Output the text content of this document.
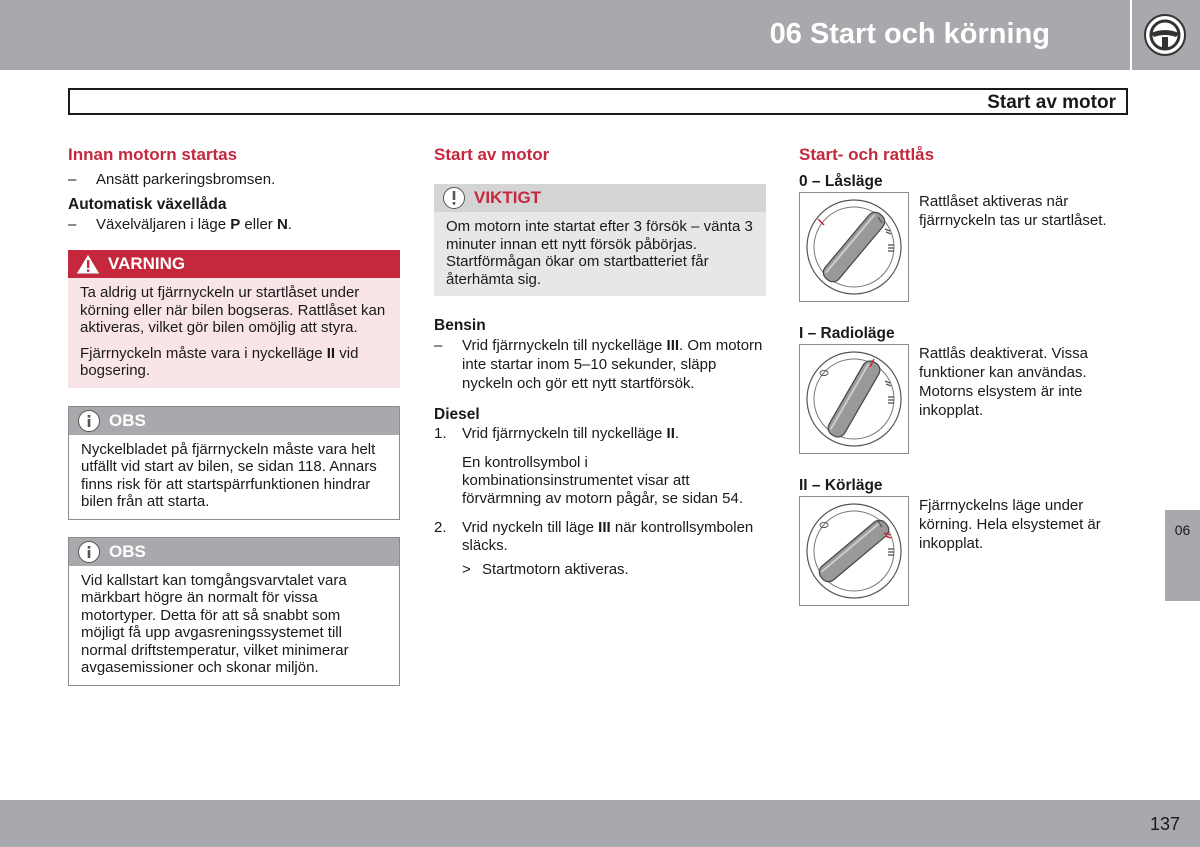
06 Start och körning
Start av motor
Innan motorn startas
–	Ansätt parkeringsbromsen.
Automatisk växellåda
–	Växelväljaren i läge P eller N.
VARNING

Ta aldrig ut fjärrnyckeln ur startlåset under körning eller när bilen bogseras. Rattlåset kan aktiveras, vilket gör bilen omöjlig att styra.

Fjärrnyckeln måste vara i nyckelläge II vid bogsering.

OBS
Nyckelbladet på fjärrnyckeln måste vara helt utfällt vid start av bilen, se sidan 118. Annars finns risk för att startspärrfunktionen hindrar bilen från att starta.
OBS
Vid kallstart kan tomgångsvarvtalet vara märkbart högre än normalt för vissa motortyper. Detta för att så snabbt som möjligt få upp avgasreningssystemet till normal driftstemperatur, vilket minimerar avgasemissioner och skonar miljön.
Start av motor
VIKTIGT
Om motorn inte startat efter 3 försök – vänta 3 minuter innan ett nytt försök påbörjas. Startförmågan ökar om startbatteriet får återhämta sig.
Bensin
–	Vrid fjärrnyckeln till nyckelläge III. Om motorn inte startar inom 5–10 sekunder, släpp nyckeln och gör ett nytt startförsök.
Diesel
1.	Vrid fjärrnyckeln till nyckelläge II.
En kontrollsymbol i kombinationsinstrumentet visar att förvärmning av motorn pågår, se sidan 54.
2.	Vrid nyckeln till läge III när kontrollsymbolen släcks.
> Startmotorn aktiveras.
Start- och rattlås
0 – Låsläge
Rattlåset aktiveras när fjärrnyckeln tas ur startlåset.
I – Radioläge
Rattlås deaktiverat. Vissa funktioner kan användas. Motorns elsystem är inte inkopplat.
II – Körläge
Fjärrnyckelns läge under körning. Hela elsystemet är inkopplat.
06
137
